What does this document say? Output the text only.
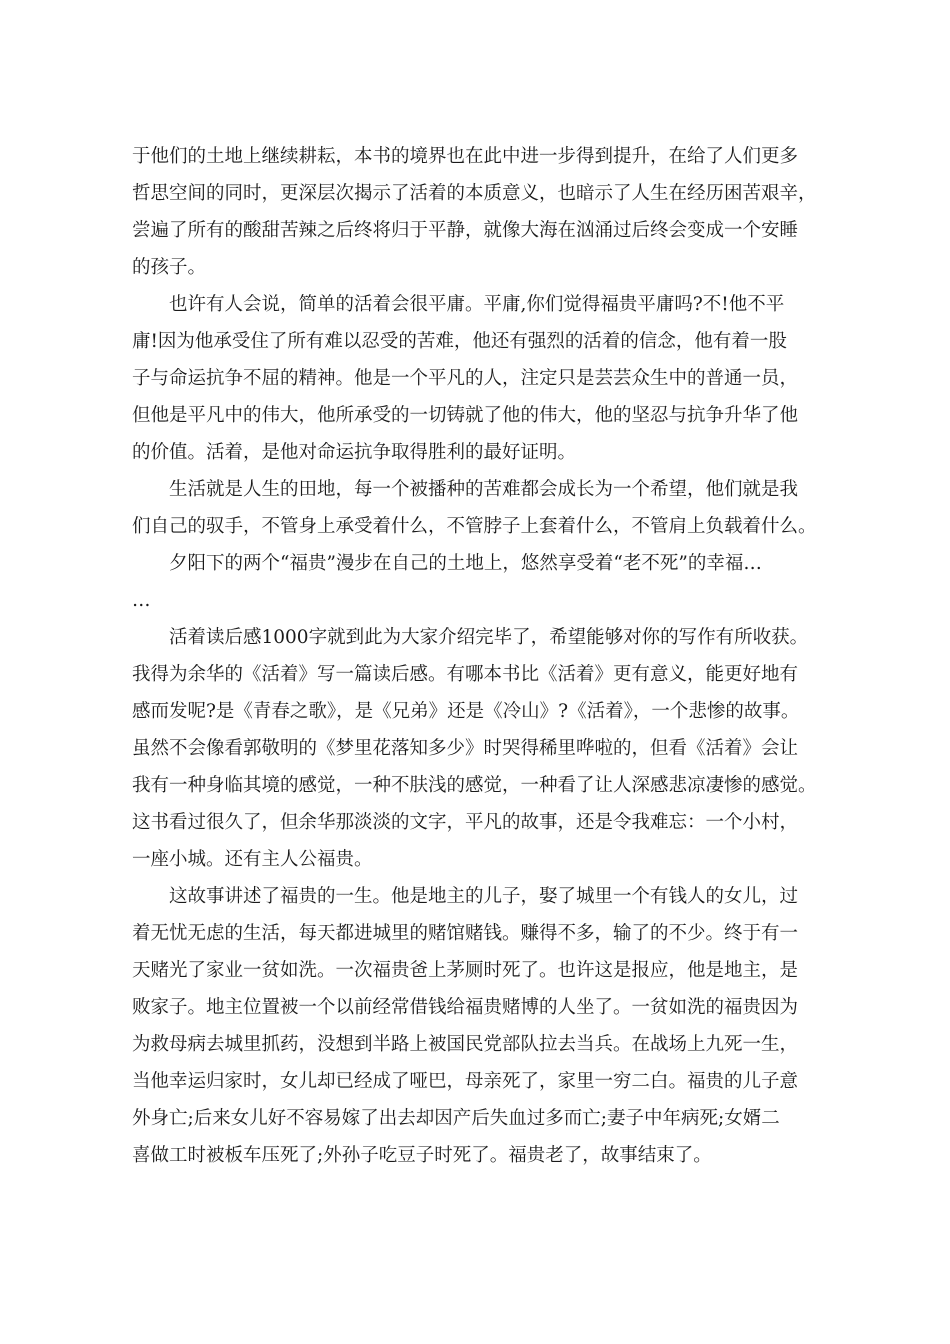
于他们的土地上继续耕耘，本书的境界也在此中进一步得到提升，在给了人们更多
哲思空间的同时，更深层次揭示了活着的本质意义，也暗示了人生在经历困苦艰辛，
尝遍了所有的酸甜苦辣之后终将归于平静，就像大海在汹涌过后终会变成一个安睡
的孩子。

　　也许有人会说，简单的活着会很平庸。平庸,你们觉得福贵平庸吗?不!他不平
庸!因为他承受住了所有难以忍受的苦难，他还有强烈的活着的信念，他有着一股
子与命运抗争不屈的精神。他是一个平凡的人，注定只是芸芸众生中的普通一员，
但他是平凡中的伟大，他所承受的一切铸就了他的伟大，他的坚忍与抗争升华了他
的价值。活着，是他对命运抗争取得胜利的最好证明。

　　生活就是人生的田地，每一个被播种的苦难都会成长为一个希望，他们就是我
们自己的驭手，不管身上承受着什么，不管脖子上套着什么，不管肩上负载着什么。

　　夕阳下的两个“福贵”漫步在自己的土地上，悠然享受着“老不死”的幸福…
…

　　活着读后感1000字就到此为大家介绍完毕了，希望能够对你的写作有所收获。
我得为余华的《活着》写一篇读后感。有哪本书比《活着》更有意义，能更好地有
感而发呢?是《青春之歌》，是《兄弟》还是《冷山》?《活着》，一个悲惨的故事。
虽然不会像看郭敬明的《梦里花落知多少》时哭得稀里哗啦的，但看《活着》会让
我有一种身临其境的感觉，一种不肤浅的感觉，一种看了让人深感悲凉凄惨的感觉。
这书看过很久了，但余华那淡淡的文字，平凡的故事，还是令我难忘：一个小村，
一座小城。还有主人公福贵。

　　这故事讲述了福贵的一生。他是地主的儿子，娶了城里一个有钱人的女儿，过
着无忧无虑的生活，每天都进城里的赌馆赌钱。赚得不多，输了的不少。终于有一
天赌光了家业一贫如洗。一次福贵爸上茅厕时死了。也许这是报应，他是地主，是
败家子。地主位置被一个以前经常借钱给福贵赌博的人坐了。一贫如洗的福贵因为
为救母病去城里抓药，没想到半路上被国民党部队拉去当兵。在战场上九死一生，
当他幸运归家时，女儿却已经成了哑巴，母亲死了，家里一穷二白。福贵的儿子意
外身亡;后来女儿好不容易嫁了出去却因产后失血过多而亡;妻子中年病死;女婿二
喜做工时被板车压死了;外孙子吃豆子时死了。福贵老了，故事结束了。
